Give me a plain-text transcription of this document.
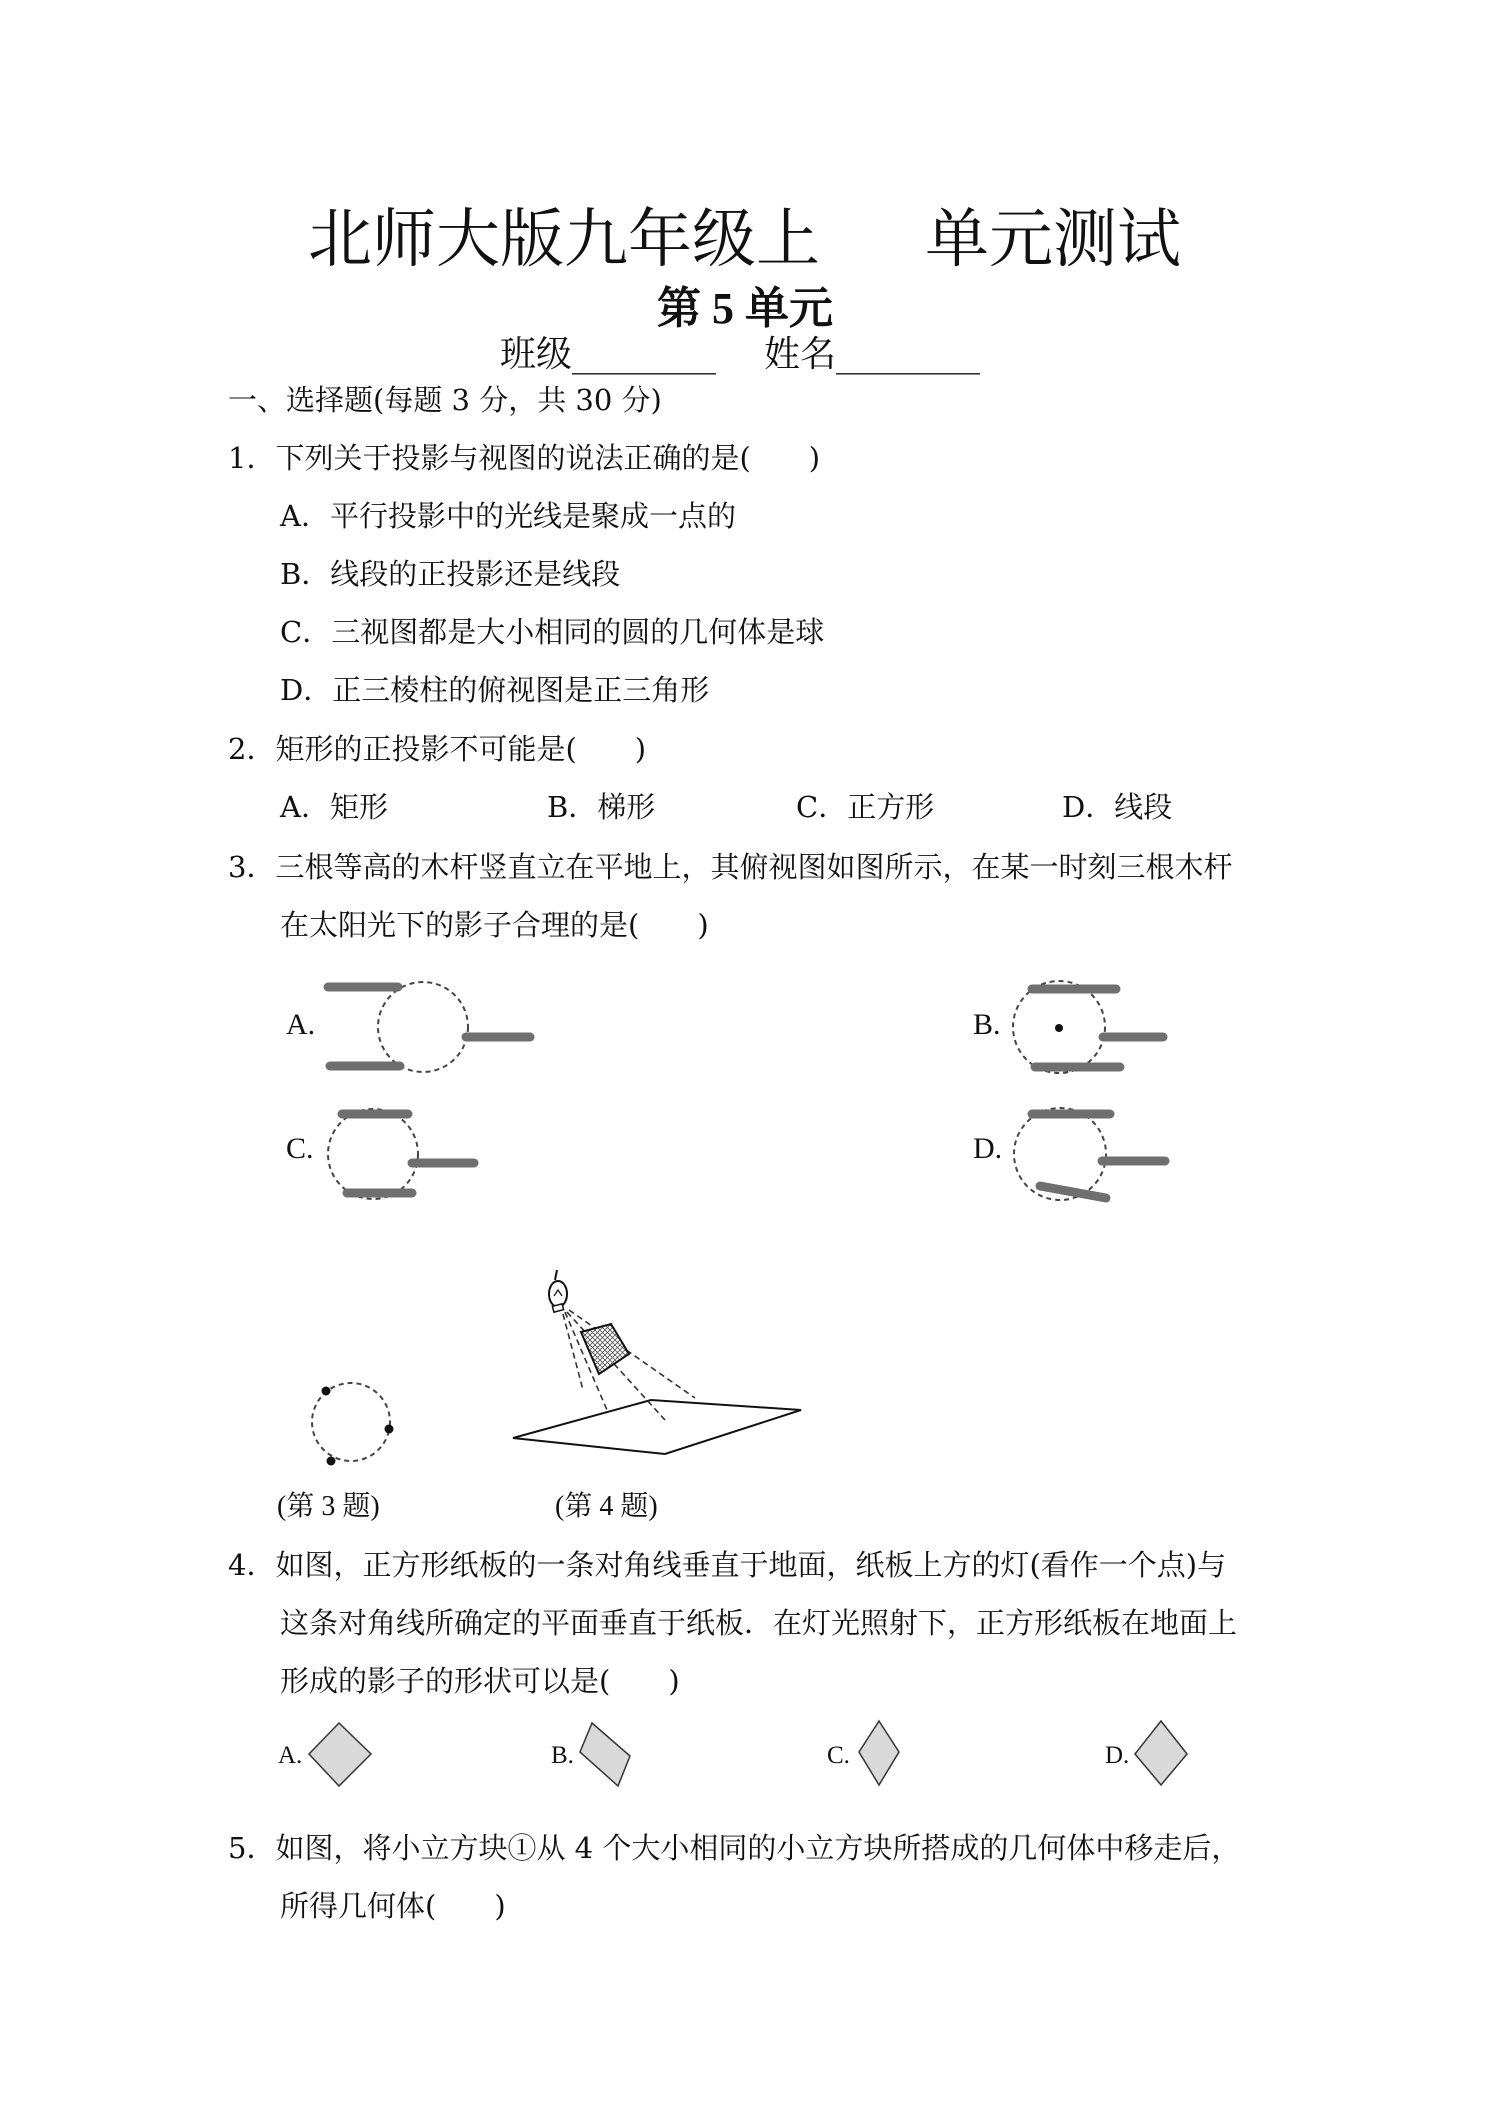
北师大版九年级上 单元测试
第 5 单元
班级________ 姓名________
一、选择题(每题 3 分，共 30 分)
1．下列关于投影与视图的说法正确的是(　　)
A．平行投影中的光线是聚成一点的
B．线段的正投影还是线段
C．三视图都是大小相同的圆的几何体是球
D．正三棱柱的俯视图是正三角形
2．矩形的正投影不可能是(　　)
A．矩形	B．梯形	C．正方形	D．线段
3．三根等高的木杆竖直立在平地上，其俯视图如图所示，在某一时刻三根木杆
在太阳光下的影子合理的是(　　)
A.	B.
C.	D.
(第 3 题)	(第 4 题)
4．如图，正方形纸板的一条对角线垂直于地面，纸板上方的灯(看作一个点)与
这条对角线所确定的平面垂直于纸板．在灯光照射下，正方形纸板在地面上
形成的影子的形状可以是(　　)
A.	B.	C.	D.
5．如图，将小立方块①从 4 个大小相同的小立方块所搭成的几何体中移走后，
所得几何体(　　)
